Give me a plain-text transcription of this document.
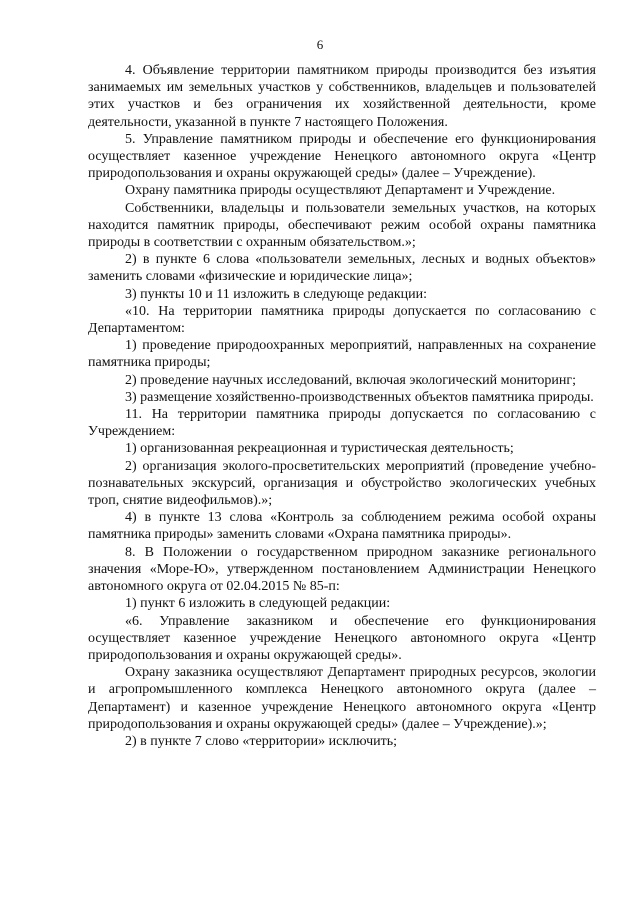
6

4. Объявление территории памятником природы производится без изъятия занимаемых им земельных участков у собственников, владельцев и пользователей этих участков и без ограничения их хозяйственной деятельности, кроме деятельности, указанной в пункте 7 настоящего Положения.

5. Управление памятником природы и обеспечение его функционирования осуществляет казенное учреждение Ненецкого автономного округа «Центр природопользования и охраны окружающей среды» (далее – Учреждение).

Охрану памятника природы осуществляют Департамент и Учреждение.

Собственники, владельцы и пользователи земельных участков, на которых находится памятник природы, обеспечивают режим особой охраны памятника природы в соответствии с охранным обязательством.»;

2) в пункте 6 слова «пользователи земельных, лесных и водных объектов» заменить словами «физические и юридические лица»;

3) пункты 10 и 11 изложить в следующе редакции:

«10. На территории памятника природы допускается по согласованию с Департаментом:

1) проведение природоохранных мероприятий, направленных на сохранение памятника природы;

2) проведение научных исследований, включая экологический мониторинг;

3) размещение хозяйственно-производственных объектов памятника природы.

11. На территории памятника природы допускается по согласованию с Учреждением:

1) организованная рекреационная и туристическая деятельность;

2) организация эколого-просветительских мероприятий (проведение учебно-познавательных экскурсий, организация и обустройство экологических учебных троп, снятие видеофильмов).»;

4) в пункте 13 слова «Контроль за соблюдением режима особой охраны памятника природы» заменить словами «Охрана памятника природы».

8. В Положении о государственном природном заказнике регионального значения «Море-Ю», утвержденном постановлением Администрации Ненецкого автономного округа от 02.04.2015 № 85-п:

1) пункт 6 изложить в следующей редакции:

«6. Управление заказником и обеспечение его функционирования осуществляет казенное учреждение Ненецкого автономного округа «Центр природопользования и охраны окружающей среды».

Охрану заказника осуществляют Департамент природных ресурсов, экологии и агропромышленного комплекса Ненецкого автономного округа (далее – Департамент) и казенное учреждение Ненецкого автономного округа «Центр природопользования и охраны окружающей среды» (далее – Учреждение).»;

2) в пункте 7 слово «территории» исключить;
